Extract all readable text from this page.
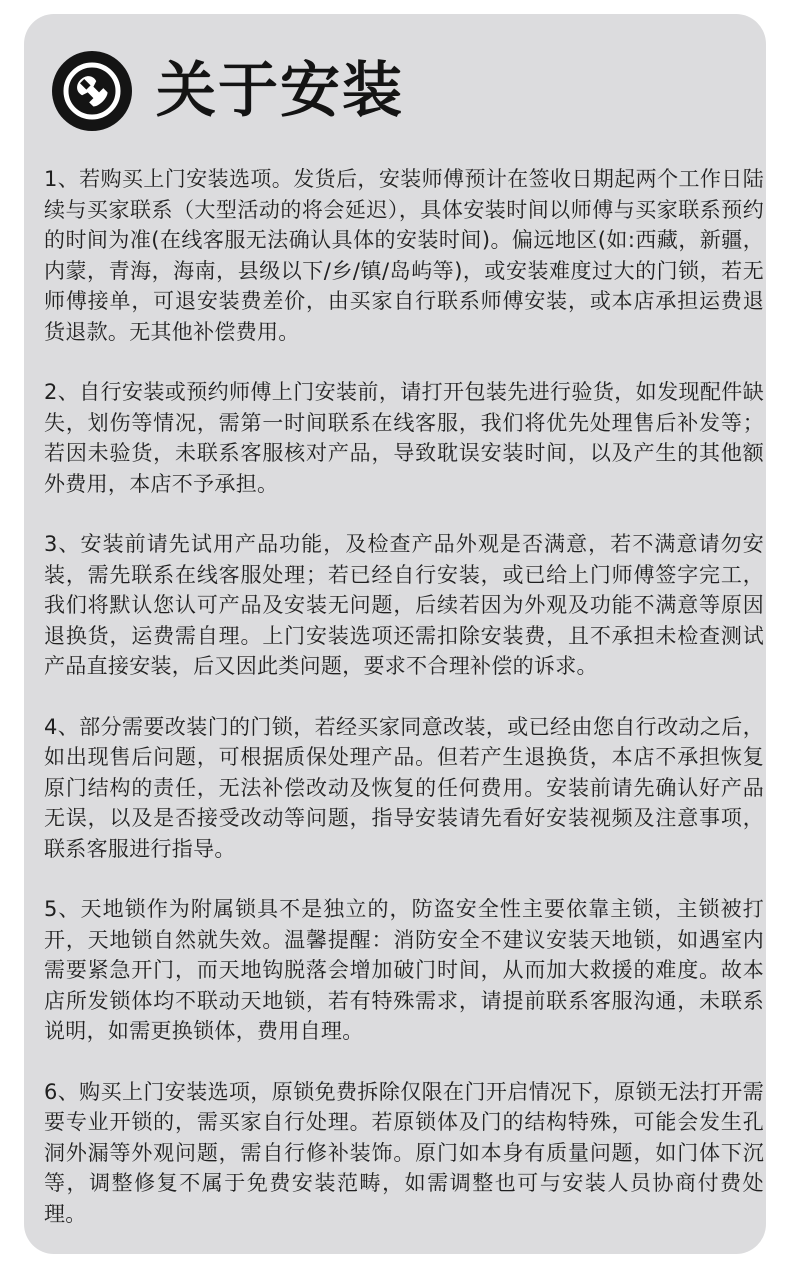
关于安装

1、若购买上门安装选项。发货后，安装师傅预计在签收日期起两个工作日陆续与买家联系（大型活动的将会延迟），具体安装时间以师傅与买家联系预约的时间为准(在线客服无法确认具体的安装时间)。偏远地区(如:西藏，新疆，内蒙，青海，海南，县级以下/乡/镇/岛屿等)，或安装难度过大的门锁，若无师傅接单，可退安装费差价，由买家自行联系师傅安装，或本店承担运费退货退款。无其他补偿费用。

2、自行安装或预约师傅上门安装前，请打开包装先进行验货，如发现配件缺失，划伤等情况，需第一时间联系在线客服，我们将优先处理售后补发等；若因未验货，未联系客服核对产品，导致耽误安装时间，以及产生的其他额外费用，本店不予承担。

3、安装前请先试用产品功能，及检查产品外观是否满意，若不满意请勿安装，需先联系在线客服处理；若已经自行安装，或已给上门师傅签字完工，我们将默认您认可产品及安装无问题，后续若因为外观及功能不满意等原因退换货，运费需自理。上门安装选项还需扣除安装费，且不承担未检查测试产品直接安装，后又因此类问题，要求不合理补偿的诉求。

4、部分需要改装门的门锁，若经买家同意改装，或已经由您自行改动之后，如出现售后问题，可根据质保处理产品。但若产生退换货，本店不承担恢复原门结构的责任，无法补偿改动及恢复的任何费用。安装前请先确认好产品无误，以及是否接受改动等问题，指导安装请先看好安装视频及注意事项，联系客服进行指导。

5、天地锁作为附属锁具不是独立的，防盗安全性主要依靠主锁，主锁被打开，天地锁自然就失效。温馨提醒：消防安全不建议安装天地锁，如遇室内需要紧急开门，而天地钩脱落会增加破门时间，从而加大救援的难度。故本店所发锁体均不联动天地锁，若有特殊需求，请提前联系客服沟通，未联系说明，如需更换锁体，费用自理。

6、购买上门安装选项，原锁免费拆除仅限在门开启情况下，原锁无法打开需要专业开锁的，需买家自行处理。若原锁体及门的结构特殊，可能会发生孔洞外漏等外观问题，需自行修补装饰。原门如本身有质量问题，如门体下沉等，调整修复不属于免费安装范畴，如需调整也可与安装人员协商付费处理。
